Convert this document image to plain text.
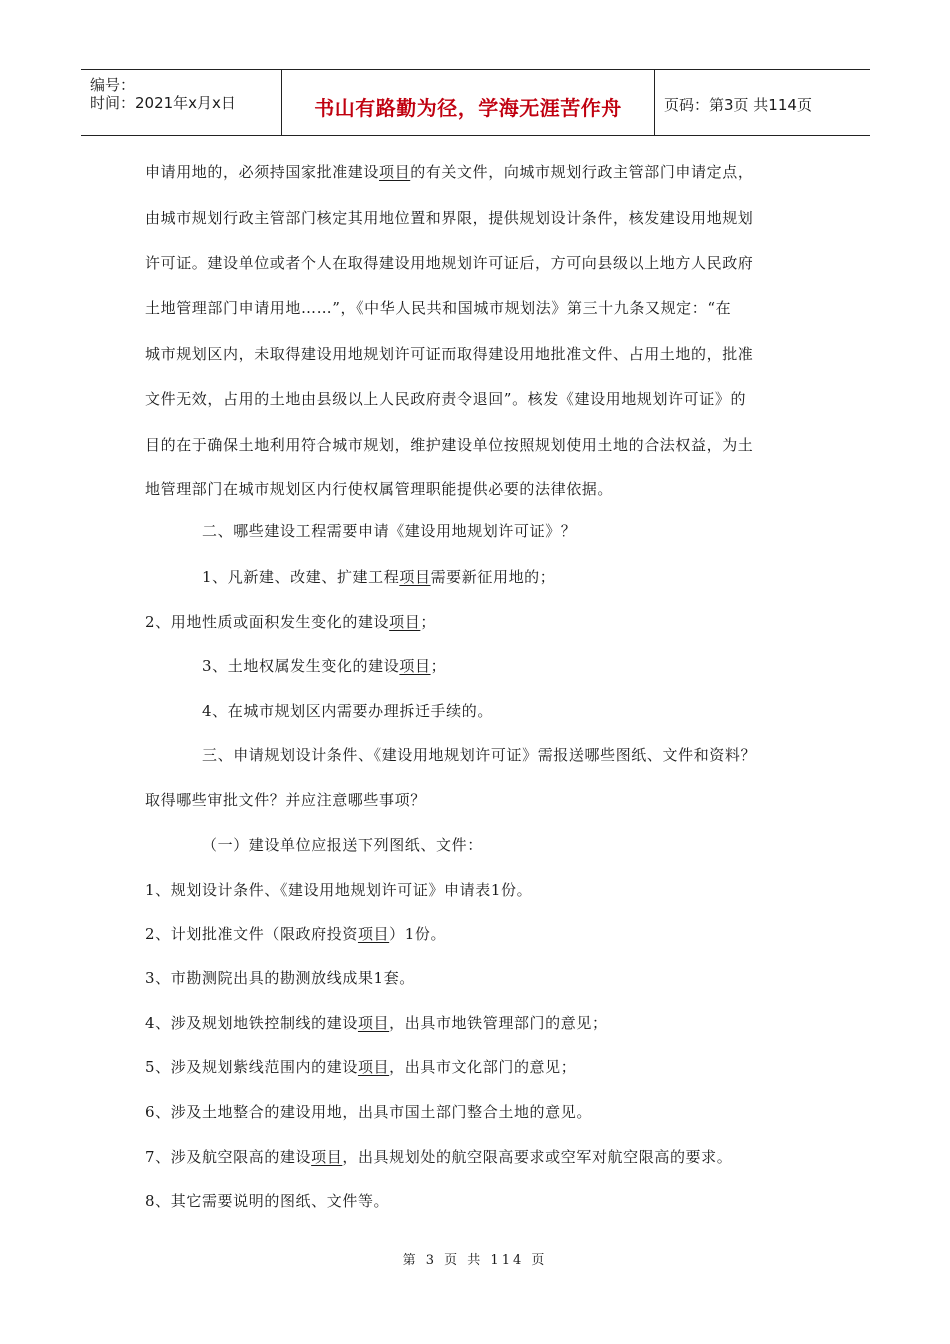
编号：
时间：2021年x月x日	书山有路勤为径，学海无涯苦作舟	页码：第3页 共114页
申请用地的，必须持国家批准建设项目的有关文件，向城市规划行政主管部门申请定点，
由城市规划行政主管部门核定其用地位置和界限，提供规划设计条件，核发建设用地规划
许可证。建设单位或者个人在取得建设用地规划许可证后，方可向县级以上地方人民政府
土地管理部门申请用地……”，《中华人民共和国城市规划法》第三十九条又规定：“在
城市规划区内，未取得建设用地规划许可证而取得建设用地批准文件、占用土地的，批准
文件无效，占用的土地由县级以上人民政府责令退回”。核发《建设用地规划许可证》的
目的在于确保土地利用符合城市规划，维护建设单位按照规划使用土地的合法权益，为土
地管理部门在城市规划区内行使权属管理职能提供必要的法律依据。
二、哪些建设工程需要申请《建设用地规划许可证》？
1、凡新建、改建、扩建工程项目需要新征用地的；
2、用地性质或面积发生变化的建设项目；
3、土地权属发生变化的建设项目；
4、在城市规划区内需要办理拆迁手续的。
三、申请规划设计条件、《建设用地规划许可证》需报送哪些图纸、文件和资料？
取得哪些审批文件？并应注意哪些事项？
（一）建设单位应报送下列图纸、文件：
1、规划设计条件、《建设用地规划许可证》申请表1份。
2、计划批准文件（限政府投资项目）1份。
3、市勘测院出具的勘测放线成果1套。
4、涉及规划地铁控制线的建设项目，出具市地铁管理部门的意见；
5、涉及规划紫线范围内的建设项目，出具市文化部门的意见；
6、涉及土地整合的建设用地，出具市国土部门整合土地的意见。
7、涉及航空限高的建设项目，出具规划处的航空限高要求或空军对航空限高的要求。
8、其它需要说明的图纸、文件等。
第 3 页 共 114 页
